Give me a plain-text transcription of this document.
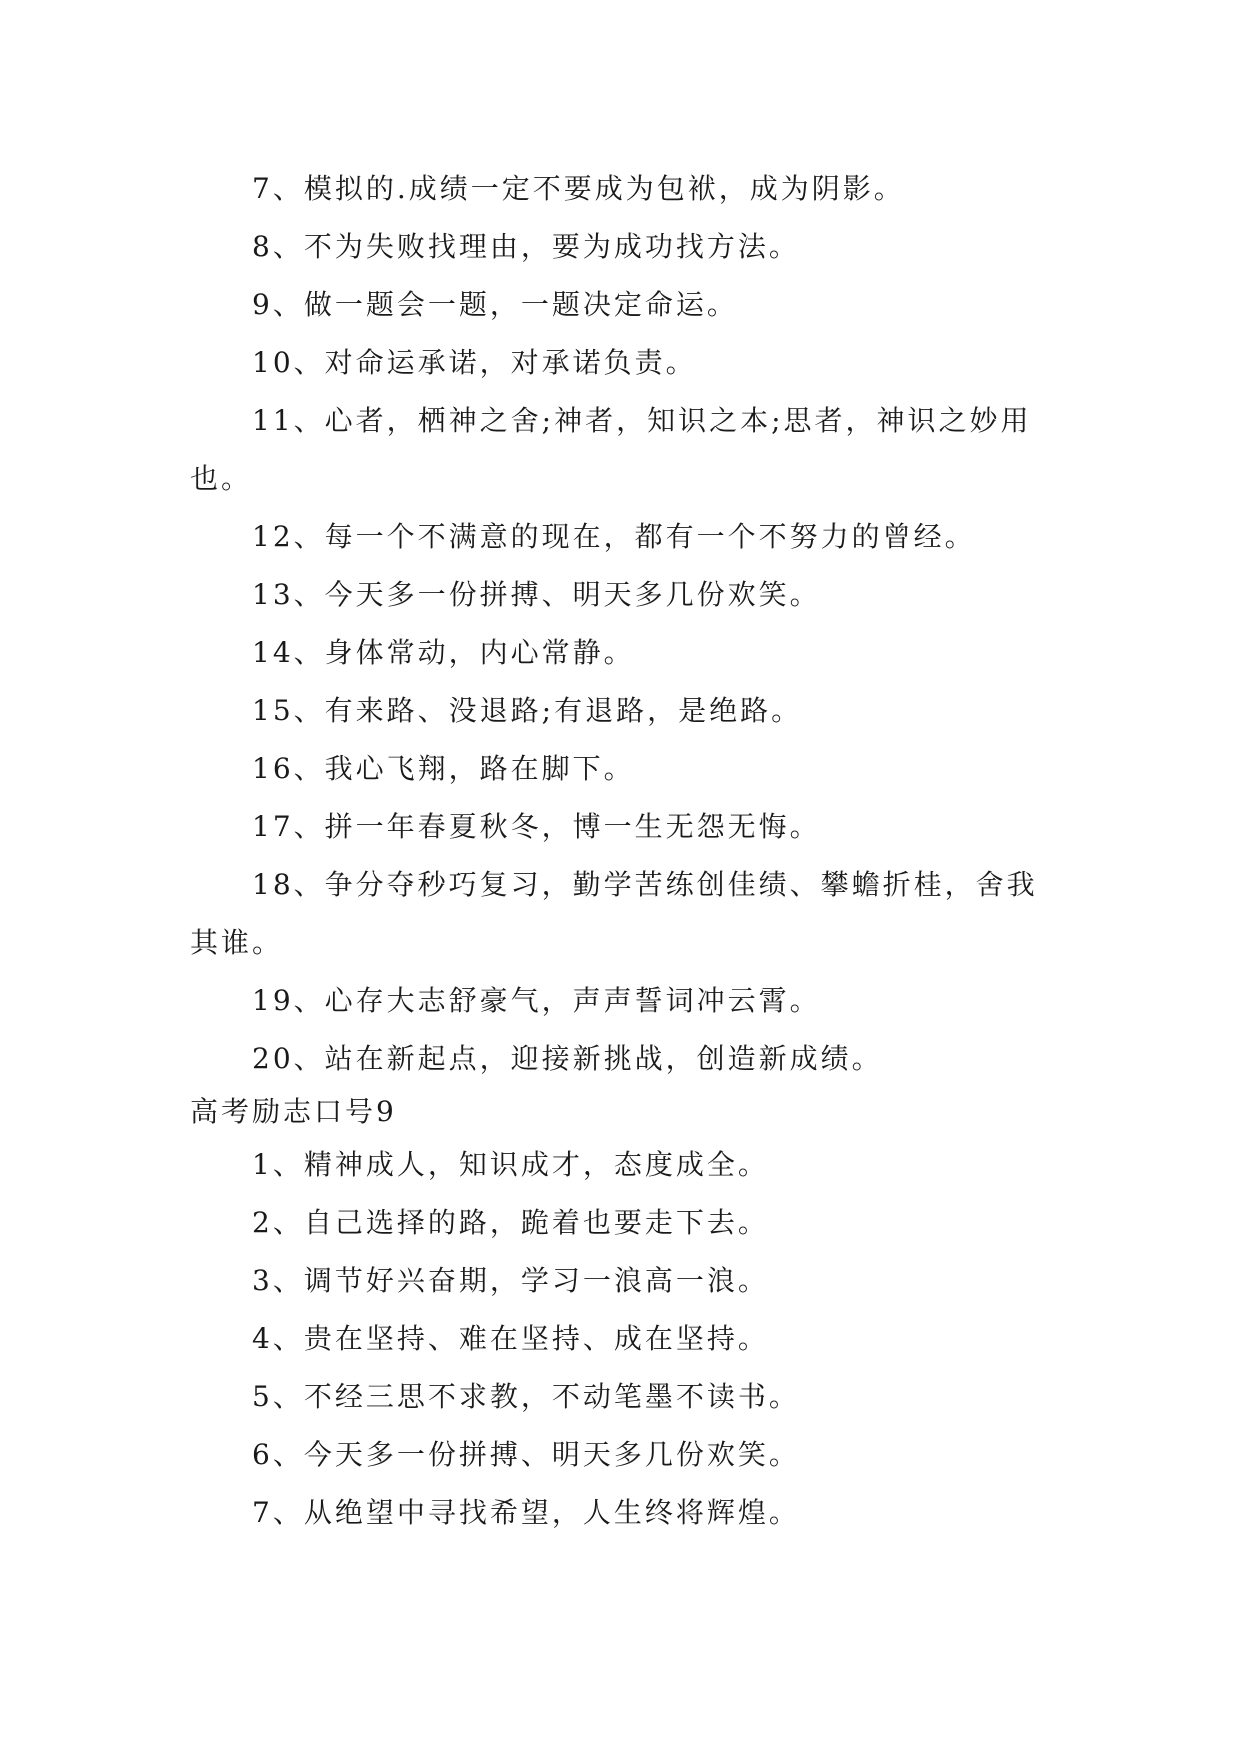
7、模拟的.成绩一定不要成为包袱，成为阴影。

8、不为失败找理由，要为成功找方法。

9、做一题会一题，一题决定命运。

10、对命运承诺，对承诺负责。

11、心者，栖神之舍;神者，知识之本;思者，神识之妙用也。

12、每一个不满意的现在，都有一个不努力的曾经。

13、今天多一份拼搏、明天多几份欢笑。

14、身体常动，内心常静。

15、有来路、没退路;有退路，是绝路。

16、我心飞翔，路在脚下。

17、拼一年春夏秋冬，博一生无怨无悔。

18、争分夺秒巧复习，勤学苦练创佳绩、攀蟾折桂，舍我其谁。

19、心存大志舒豪气，声声誓词冲云霄。

20、站在新起点，迎接新挑战，创造新成绩。

高考励志口号9

1、精神成人，知识成才，态度成全。

2、自己选择的路，跪着也要走下去。

3、调节好兴奋期，学习一浪高一浪。

4、贵在坚持、难在坚持、成在坚持。

5、不经三思不求教，不动笔墨不读书。

6、今天多一份拼搏、明天多几份欢笑。

7、从绝望中寻找希望，人生终将辉煌。
